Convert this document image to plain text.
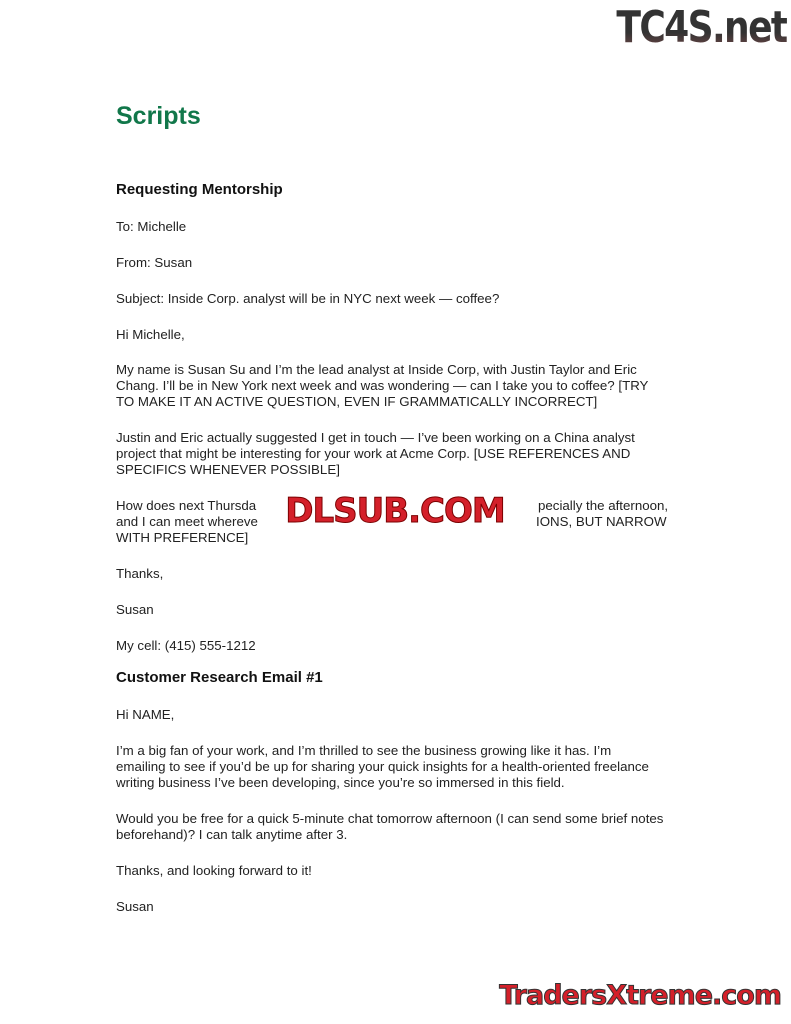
TC4S.net
Scripts
Requesting Mentorship
To: Michelle
From: Susan
Subject: Inside Corp. analyst will be in NYC next week — coffee?
Hi Michelle,
My name is Susan Su and I’m the lead analyst at Inside Corp, with Justin Taylor and Eric
Chang. I’ll be in New York next week and was wondering — can I take you to coffee? [TRY
TO MAKE IT AN ACTIVE QUESTION, EVEN IF GRAMMATICALLY INCORRECT]
Justin and Eric actually suggested I get in touch — I’ve been working on a China analyst
project that might be interesting for your work at Acme Corp. [USE REFERENCES AND
SPECIFICS WHENEVER POSSIBLE]
How does next Thursda	pecially the afternoon,
and I can meet whereve	IONS, BUT NARROW
WITH PREFERENCE]
DLSUB.COM
Thanks,
Susan
My cell: (415) 555-1212
Customer Research Email #1
Hi NAME,
I’m a big fan of your work, and I’m thrilled to see the business growing like it has. I’m
emailing to see if you’d be up for sharing your quick insights for a health-oriented freelance
writing business I’ve been developing, since you’re so immersed in this field.
Would you be free for a quick 5-minute chat tomorrow afternoon (I can send some brief notes
beforehand)? I can talk anytime after 3.
Thanks, and looking forward to it!
Susan
TradersXtreme.com
